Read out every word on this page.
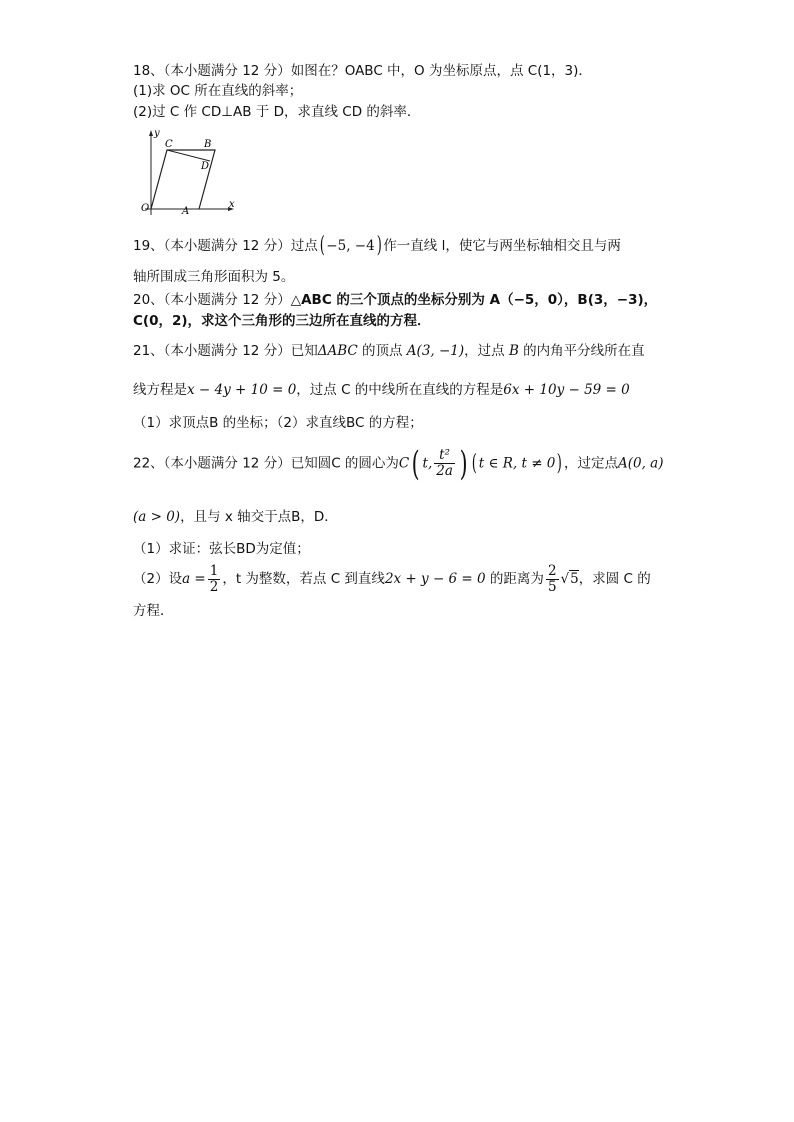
18、（本小题满分 12 分）如图在？OABC 中，O 为坐标原点，点 C(1，3)．
(1)求 OC 所在直线的斜率；
(2)过 C 作 CD⊥AB 于 D，求直线 CD 的斜率．
y
x
O	A
B
C
D
19、（本小题满分 12 分）过点( −5, −4) 作一直线 l，使它与两坐标轴相交且与两
轴所围成三角形面积为 5。
20、（本小题满分 12 分）△ABC 的三个顶点的坐标分别为 A（−5，0），B(3，−3)，
C(0，2)，求这个三角形的三边所在直线的方程．
21、（本小题满分 12 分）已知ΔABC 的顶点 A(3, −1)，过点 B 的内角平分线所在直
线方程是x − 4y + 10 = 0，过点 C 的中线所在直线的方程是6x + 10y − 59 = 0
（1）求顶点B 的坐标；（2）求直线BC 的方程；
22、（本小题满分 12 分）已知圆C 的圆心为C( t, $\frac{\text{t²}}{2a}$ ) ( t ∈ R, t ≠ 0) ，过定点A(0, a)
(a > 0)，且与 x 轴交于点B，D．
（1）求证：弦长BD为定值；
（2）设$a = \frac{1}{2}$ ，t 为整数，若点 C 到直线2x + y − 6 = 0 的距离为 $\frac{2}{5} √5$，求圆 C 的
方程．
